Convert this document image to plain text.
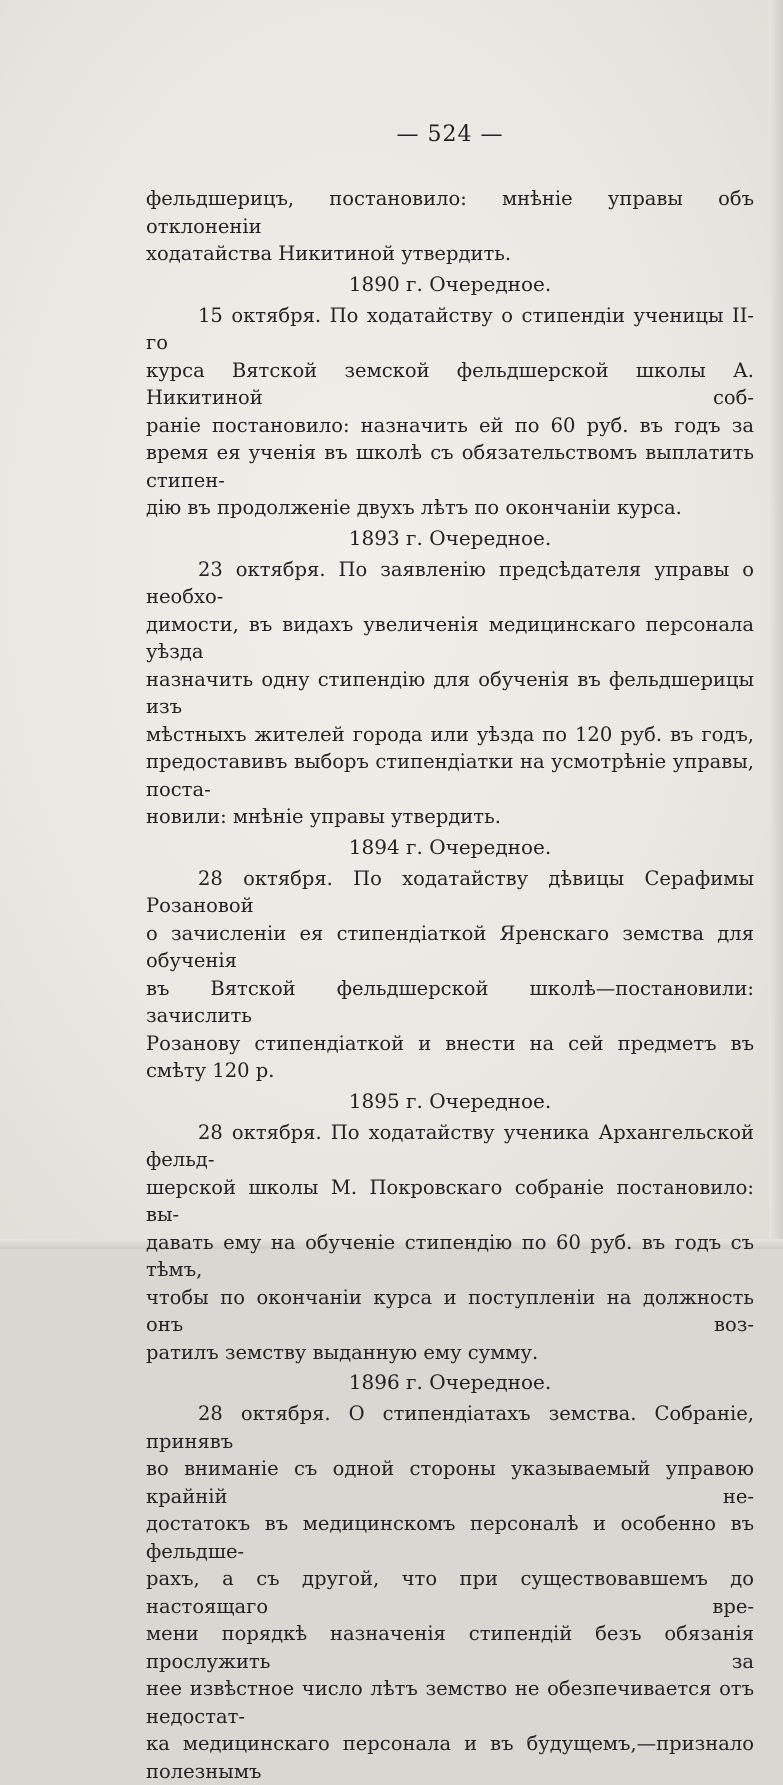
— 524 —
фельдшерицъ, постановило: мнѣніе управы объ отклоненіи
ходатайства Никитиной утвердить.
1890 г. Очередное.
15 октября. По ходатайству о стипендіи ученицы II-го
курса Вятской земской фельдшерской школы А. Никитиной соб-
раніе постановило: назначить ей по 60 руб. въ годъ за
время ея ученія въ школѣ съ обязательствомъ выплатить стипен-
дію въ продолженіе двухъ лѣтъ по окончаніи курса.
1893 г. Очередное.
23 октября. По заявленію предсѣдателя управы о необхо-
димости, въ видахъ увеличенія медицинскаго персонала уѣзда
назначить одну стипендію для обученія въ фельдшерицы изъ
мѣстныхъ жителей города или уѣзда по 120 руб. въ годъ,
предоставивъ выборъ стипендіатки на усмотрѣніе управы, поста-
новили: мнѣніе управы утвердить.
1894 г. Очередное.
28 октября. По ходатайству дѣвицы Серафимы Розановой
о зачисленіи ея стипендіаткой Яренскаго земства для обученія
въ Вятской фельдшерской школѣ—постановили: зачислить
Розанову стипендіаткой и внести на сей предметъ въ смѣту 120 р.
1895 г. Очередное.
28 октября. По ходатайству ученика Архангельской фельд-
шерской школы М. Покровскаго собраніе постановило: вы-
давать ему на обученіе стипендію по 60 руб. въ годъ съ тѣмъ,
чтобы по окончаніи курса и поступленіи на должность онъ воз-
ратилъ земству выданную ему сумму.
1896 г. Очередное.
28 октября. О стипендіатахъ земства. Собраніе, принявъ
во вниманіе съ одной стороны указываемый управою крайній не-
достатокъ въ медицинскомъ персоналѣ и особенно въ фельдше-
рахъ, а съ другой, что при существовавшемъ до настоящаго вре-
мени порядкѣ назначенія стипендій безъ обязанія прослужить за
нее извѣстное число лѣтъ земство не обезпечивается отъ недостат-
ка медицинскаго персонала и въ будущемъ,—признало полезнымъ
